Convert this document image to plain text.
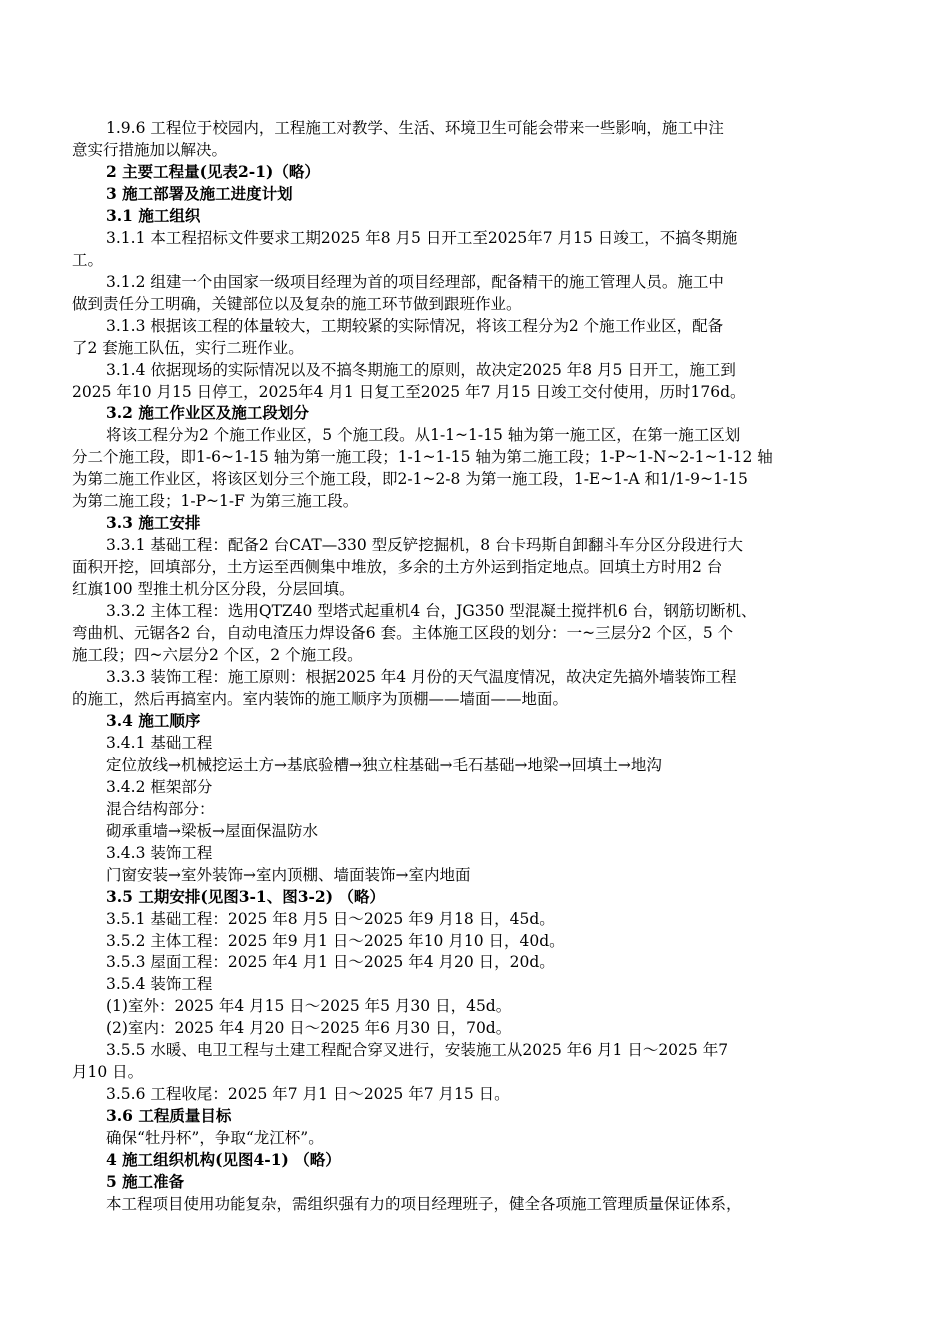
1.9.6 工程位于校园内，工程施工对教学、生活、环境卫生可能会带来一些影响，施工中注
意实行措施加以解决。
2 主要工程量(见表2-1)（略）
3 施工部署及施工进度计划
3.1 施工组织
3.1.1 本工程招标文件要求工期2025 年8 月5 日开工至2025年7 月15 日竣工，不搞冬期施
工。
3.1.2 组建一个由国家一级项目经理为首的项目经理部，配备精干的施工管理人员。施工中
做到责任分工明确，关键部位以及复杂的施工环节做到跟班作业。
3.1.3 根据该工程的体量较大，工期较紧的实际情况，将该工程分为2 个施工作业区，配备
了2 套施工队伍，实行二班作业。
3.1.4 依据现场的实际情况以及不搞冬期施工的原则，故决定2025 年8 月5 日开工，施工到
2025 年10 月15 日停工，2025年4 月1 日复工至2025 年7 月15 日竣工交付使用，历时176d。
3.2 施工作业区及施工段划分
将该工程分为2 个施工作业区，5 个施工段。从1-1~1-15 轴为第一施工区，在第一施工区划
分二个施工段，即1-6~1-15 轴为第一施工段；1-1~1-15 轴为第二施工段；1-P~1-N~2-1~1-12 轴
为第二施工作业区，将该区划分三个施工段，即2-1~2-8 为第一施工段，1-E~1-A 和1/1-9~1-15
为第二施工段；1-P~1-F 为第三施工段。
3.3 施工安排
3.3.1 基础工程：配备2 台CAT—330 型反铲挖掘机，8 台卡玛斯自卸翻斗车分区分段进行大
面积开挖，回填部分，土方运至西侧集中堆放，多余的土方外运到指定地点。回填土方时用2 台
红旗100 型推土机分区分段，分层回填。
3.3.2 主体工程：选用QTZ40 型塔式起重机4 台，JG350 型混凝土搅拌机6 台，钢筋切断机、
弯曲机、元锯各2 台，自动电渣压力焊设备6 套。主体施工区段的划分：一~三层分2 个区，5 个
施工段；四~六层分2 个区，2 个施工段。
3.3.3 装饰工程：施工原则：根据2025 年4 月份的天气温度情况，故决定先搞外墙装饰工程
的施工，然后再搞室内。室内装饰的施工顺序为顶棚——墙面——地面。
3.4 施工顺序
3.4.1 基础工程
定位放线→机械挖运土方→基底验槽→独立柱基础→毛石基础→地梁→回填土→地沟
3.4.2 框架部分
混合结构部分：
砌承重墙→梁板→屋面保温防水
3.4.3 装饰工程
门窗安装→室外装饰→室内顶棚、墙面装饰→室内地面
3.5 工期安排(见图3-1、图3-2) （略）
3.5.1 基础工程：2025 年8 月5 日～2025 年9 月18 日，45d。
3.5.2 主体工程：2025 年9 月1 日～2025 年10 月10 日，40d。
3.5.3 屋面工程：2025 年4 月1 日～2025 年4 月20 日，20d。
3.5.4 装饰工程
(1)室外：2025 年4 月15 日～2025 年5 月30 日，45d。
(2)室内：2025 年4 月20 日～2025 年6 月30 日，70d。
3.5.5 水暖、电卫工程与土建工程配合穿叉进行，安装施工从2025 年6 月1 日～2025 年7
月10 日。
3.5.6 工程收尾：2025 年7 月1 日～2025 年7 月15 日。
3.6 工程质量目标
确保“牡丹杯”，争取“龙江杯”。
4 施工组织机构(见图4-1) （略）
5 施工准备
本工程项目使用功能复杂，需组织强有力的项目经理班子，健全各项施工管理质量保证体系，
